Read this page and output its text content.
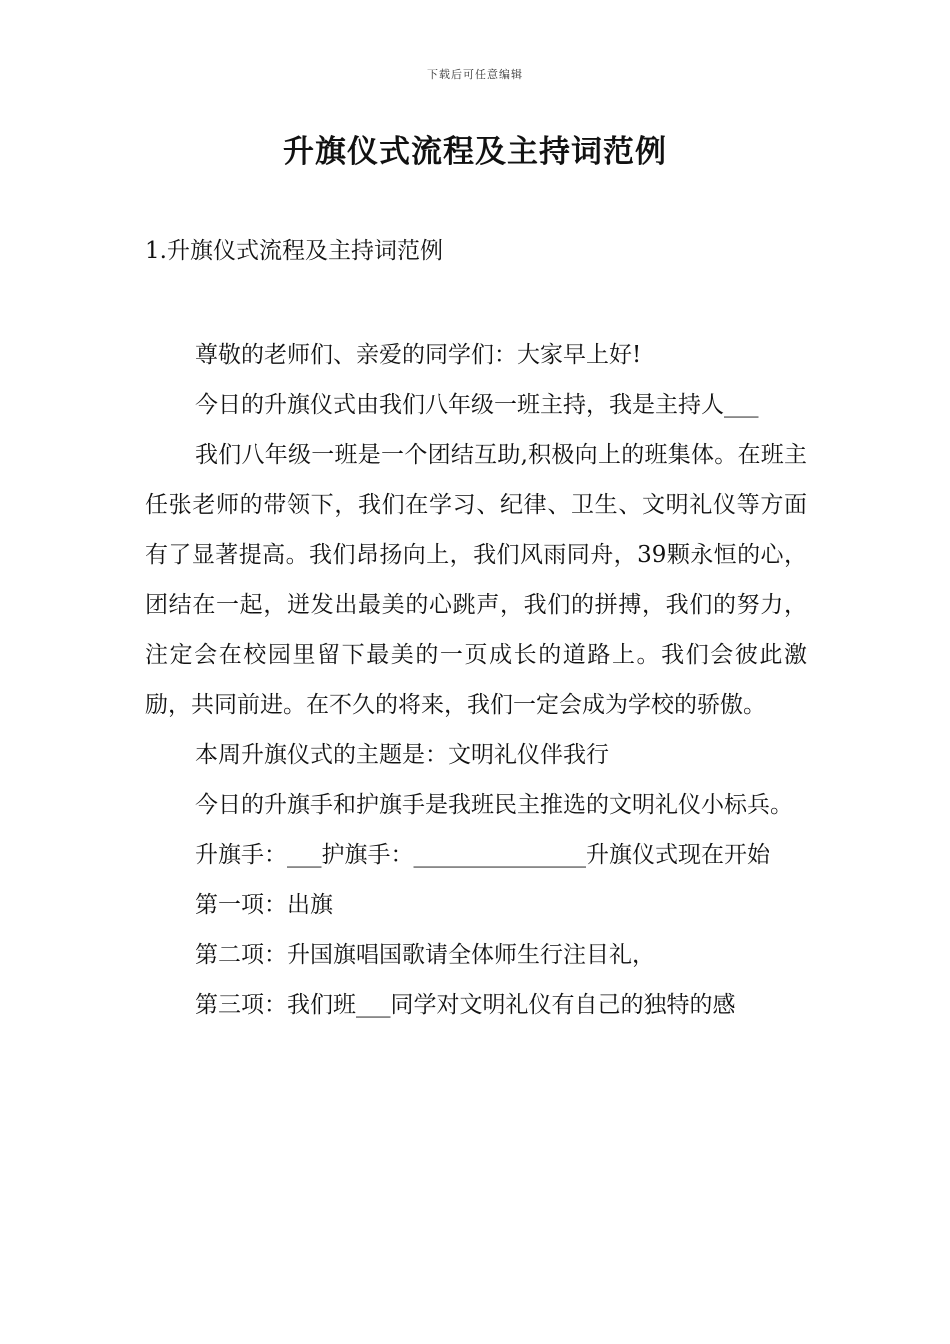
下载后可任意编辑
升旗仪式流程及主持词范例
1.升旗仪式流程及主持词范例

尊敬的老师们、亲爱的同学们：大家早上好!

今日的升旗仪式由我们八年级一班主持，我是主持人___

我们八年级一班是一个团结互助,积极向上的班集体。在班主任张老师的带领下，我们在学习、纪律、卫生、文明礼仪等方面有了显著提高。我们昂扬向上，我们风雨同舟，39颗永恒的心，团结在一起，迸发出最美的心跳声，我们的拼搏，我们的努力，注定会在校园里留下最美的一页成长的道路上。我们会彼此激励，共同前进。在不久的将来，我们一定会成为学校的骄傲。

本周升旗仪式的主题是：文明礼仪伴我行

今日的升旗手和护旗手是我班民主推选的文明礼仪小标兵。

升旗手：___护旗手：_______________升旗仪式现在开始

第一项：出旗

第二项：升国旗唱国歌请全体师生行注目礼，

第三项：我们班___同学对文明礼仪有自己的独特的感
